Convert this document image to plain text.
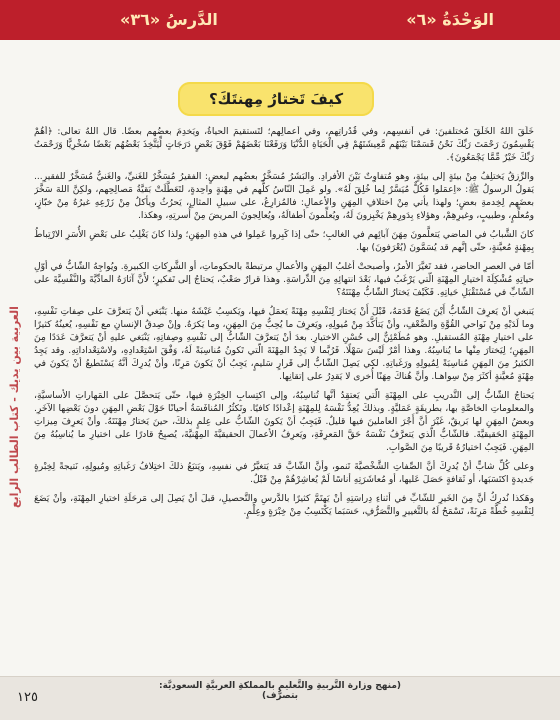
الوَحْدَةُ «٦»
الدَّرسُ «٣٦»
العربية بين يديك - كتاب الطالب الرابع
كيفَ تَختارُ مِهنتَكَ؟

خَلَقَ اللهُ الخَلْقَ مُختلفينَ: في أنفسِهم، وفي قُدُراتِهم، وفي أعمالِهم؛ لتَستقيمَ الحياةُ، ويَخدِمَ بعضُهم بعضًا. قال اللهُ تعالى: ﴿أَهُمْ يَقْسِمُونَ رَحْمَتَ رَبِّكَ نَحْنُ قَسَمْنَا بَيْنَهُم مَّعِيشَتَهُمْ فِي الْحَيَاةِ الدُّنْيَا وَرَفَعْنَا بَعْضَهُمْ فَوْقَ بَعْضٍ دَرَجَاتٍ لِّيَتَّخِذَ بَعْضُهُم بَعْضًا سُخْرِيًّا وَرَحْمَتُ رَبِّكَ خَيْرٌ مِّمَّا يَجْمَعُونَ﴾.

والرِّزقُ يَختلِفُ مِنْ بيئةٍ إلى بيئةٍ، وهو مُتفاوِتٌ بَيْنَ الأفرادِ. والبَشَرُ مُسَخَّرٌ بعضُهم لبعضٍ: الفقيرُ مُسَخَّرٌ للغَنيِّ، والغَنيُّ مُسَخَّرٌ للفقيرِ... يَقولُ الرسولُ ﷺ: «اِعمَلوا فَكُلٌّ مُيَسَّرٌ لِما خُلِقَ لَهُ». ولو عَمِلَ النّاسُ كلُّهم في مِهْنةٍ واحِدةٍ، لتَعَطَّلَتْ بَقيَّةُ مَصالِحِهم، ولكِنَّ اللهَ سَخَّرَ بعضَهم لِخِدمةِ بعضٍ؛ ولهذا يأتي مِنْ اختلافِ المِهَنِ والأعمالِ: فالمُزارِعُ، على سبيلِ المثالِ، يَحرُثُ ويأكلُ مِنْ زَرْعِهِ غيرُهُ مِنْ خبّازٍ، ومُعلِّمٍ، وطبيبٍ، وغيرِهِمْ، وهؤلاءِ بِدَورِهِمْ يَخْبِزونَ لَهُ، ويُعلِّمونَ أطفالَهُ، ويُعالِجونَ المريضَ مِنْ أُسرتِهِ، وهكذا.

كانَ الشَّبابُ في الماضي يَتعلَّمونَ مِهَنَ آبائِهم في الغالبِ؛ حتّى إذا كَبِروا عَمِلوا في هذهِ المِهَنِ؛ ولذا كانَ يَغْلِبُ على بَعْضِ الأُسَرِ الارْتِباطُ بِمِهْنةٍ مُعيَّنةٍ، حتّى إنَّهم قد يُسَمَّونَ (يُعْرَفونَ) بها.

أمّا في العصرِ الحاضرِ، فقد تَغيَّرَ الأمرُ، وأصبحتْ أغلبُ المِهَنِ والأعمالِ مرتبطةً بالحكوماتِ، أو الشَّرِكاتِ الكبيرةِ. ويُواجِهُ الشّابُّ في أوّلِ حياتِهِ مُشْكِلَةَ اختيارِ المِهْنَةِ الّتي يَرْغَبُ فيها، بَعْدَ انتهائِهِ مِنَ الدِّراسَةِ. وهذا قرارٌ صَعْبٌ، يَحتاجُ إلى تَفكيرٍ؛ لأَنَّ آثارَهُ المادِّيَّةَ والنَّفْسِيَّةَ على الشّابِّ في مُسْتَقْبَلِ حَياتِهِ. فَكَيْفَ يَختارُ الشّابُّ مِهْنَتَهُ؟

يَنبغي أنْ يَعرِفَ الشّابُّ أَيْنَ يَضَعُ قَدَمَهُ، قَبْلَ أَنْ يَختارَ لِنَفْسِهِ مِهْنَةً يَعمَلُ فيها، ويَكسِبُ عَيْشَهُ منها. يَنْبَغي أنْ يَتعرَّفَ على صِفاتِ نَفْسِهِ، وما لَدَيْهِ مِنْ نَواحي القُوَّةِ والضَّعْفِ، وأنْ يَتأكَّدَ مِنْ مُيولِهِ، ويَعرِفَ ما يُحِبُّ مِنَ المِهَنِ، وما يَكرَهُ. وإنْ صِدقُ الإنسانِ مع نَفْسِهِ، يُعينُهُ كثيرًا على اختيارِ مِهْنَةِ المُستقبلِ. وهو مُطَمْئِنٌّ إلى حُسْنِ الاختيارِ. بعدَ أنْ يَتعرَّفَ الشّابُّ إلى نَفْسِهِ وصِفاتِهِ، يَنْبَغي عليهِ أنْ يَتعرَّفَ عَدَدًا مِنَ المِهَنِ؛ لِيَختارَ مِنْها ما يُناسِبُهُ. وهذا أمْرٌ لَيْسَ سَهْلًا. فَرُبَّما لا يَجِدُ المِهْنَةَ الّتي تَكونُ مُناسِبَةً لَهُ، وَفْقَ اسْتِعْدادِهِ، ولاسْتِعْداداتِهِ. وقد يَجِدُ الكثيرُ مِنَ المِهَنِ مُناسِبَةً لِمُيولِهِ ورَغَباتِهِ. لكي يَصِلَ الشّابُّ إلى قَرارٍ سَليمٍ، يَجِبُ أنْ يَكونَ مَرِنًا، وأنْ يُدرِكَ أنَّهُ يَسْتَطيعُ أنْ يَكونَ في مِهْنَةٍ مُعيَّنةٍ أكثَرَ مِنْ سِواهـا. وأنَّ هُناكَ مِهَنًا أُخرى لا يَقدِرُ على إتقانِها.

يَحتاجُ الشّابُّ إلى التَّدريبِ على المِهْنَةِ الّتي يَعتقِدُ أنَّها تُناسِبُهُ، وإلى اكتِسابِ الخِبْرَةِ فيها، حتّى يَتحصَّلَ على المَهاراتِ الأساسيَّةِ، والمعلوماتِ الخاصَّةِ بها، بطريقَةٍ عَمَليَّةٍ. وبذلكَ يُعِدُّ نَفْسَهُ لِلمِهْنَةِ إعْدادًا كافيًا. وتَكثُرُ المُنافَسَةُ أحيانًا حَوْلَ بَعْضِ المِهَنِ دونَ بَعْضِها الآخَرِ. وبعضُ المِهَنِ لها بَريقٌ، غَيْرَ أنَّ أَجْرَ العاملينَ فيها قليلٌ. فَيَجِبُ أنْ يَكونَ الشّابُّ على عِلمٍ بذلكَ، حينَ يَختارُ مِهْنَتَهُ. وأنْ يَعرِفَ مِيزاتِ المِهْنَةِ الحَقيقيَّةَ. فالشّابُّ الّذي يَتعرَّفُ نَفْسَهُ حَقَّ المَعرِفَةِ، ويَعرِفُ الأعمالَ الحقيقيَّةَ المِهْنيَّةَ، يُصبِحُ قادرًا على اختيارِ ما يُناسِبُهُ مِنَ المِهَنِ. فَيَجِبُ اختيارُهُ قَريبًا مِنَ الصَّوابِ.

وعلى كُلِّ شابٍّ أنْ يُدرِكَ أنَّ الصِّفاتِ الشَّخْصيَّةَ تَنمو، وأنَّ الشّابَّ قد يَتغيَّرُ في نفسِهِ، ويَتبَعُ ذلكَ اختِلافُ رَغَباتِهِ ومُيولِهِ، نَتيجةً لِخِبْرةٍ جَديدةٍ اكتَسَبَها، أو ثَقافةٍ حَصَلَ عَليها، أو مُعاشَرَتِهِ أناسًا لَمْ يُعاشِرْهُمْ مِنْ قَبْلُ.

وهَكذا نُدرِكُ أنَّ مِنَ الخَيرِ للشّابِّ في أثناءِ دِراسَتِهِ أنْ يَهتَمَّ كثيرًا بالدَّرسِ والتَّحصيلِ، قبلَ أنْ يَصِلَ إلى مَرحَلَةِ اختيارِ المِهْنَةِ، وأنْ يَضَعَ لِنَفْسِهِ خُطَّةً مَرِنَةً، تَسْمَحُ لَهُ بالتَّغييرِ والتَّصَرُّفِ، حَسَبَما يَكْتَسِبُ مِنْ خِبْرَةٍ وعِلْمٍ.

(منهج وزارة التَّربيةِ والتَّعليمِ بالمملكةِ العربيَّةِ السعوديَّة: بتصرُّف)
١٢٥
